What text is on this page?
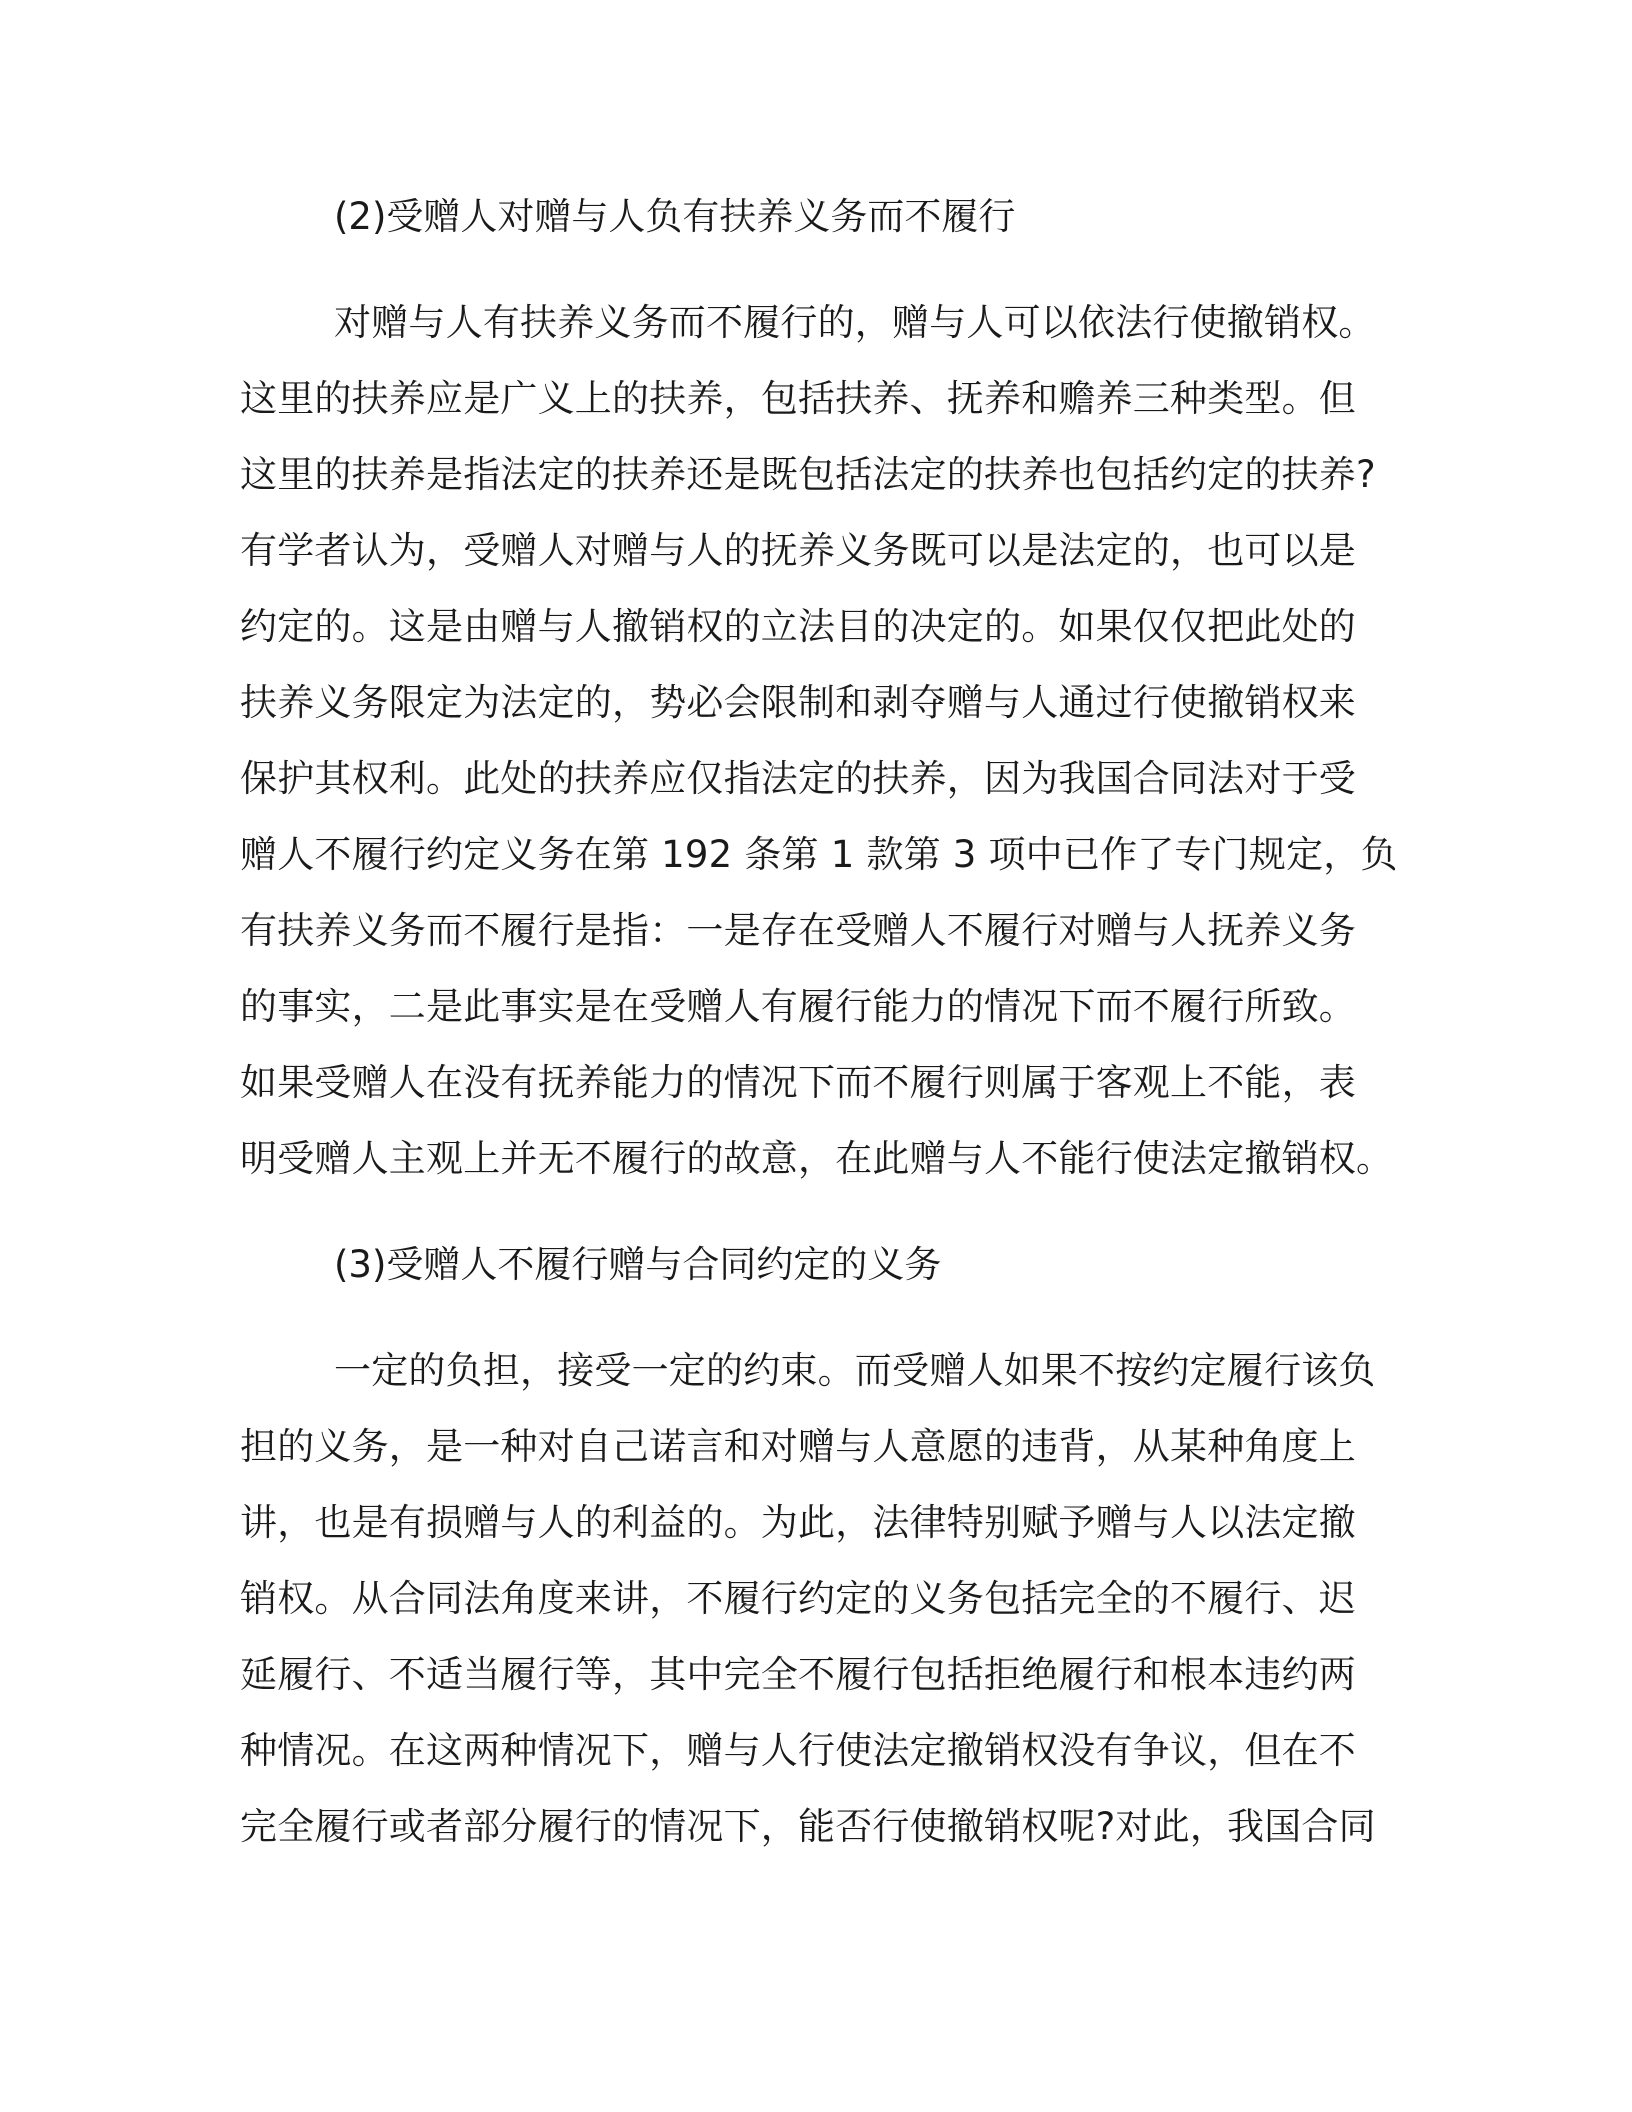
(2)受赠人对赠与人负有扶养义务而不履行
对赠与人有扶养义务而不履行的，赠与人可以依法行使撤销权。
这里的扶养应是广义上的扶养，包括扶养、抚养和赡养三种类型。但
这里的扶养是指法定的扶养还是既包括法定的扶养也包括约定的扶养?
有学者认为，受赠人对赠与人的抚养义务既可以是法定的，也可以是
约定的。这是由赠与人撤销权的立法目的决定的。如果仅仅把此处的
扶养义务限定为法定的，势必会限制和剥夺赠与人通过行使撤销权来
保护其权利。此处的扶养应仅指法定的扶养，因为我国合同法对于受
赠人不履行约定义务在第 192 条第 1 款第 3 项中已作了专门规定，负
有扶养义务而不履行是指：一是存在受赠人不履行对赠与人抚养义务
的事实，二是此事实是在受赠人有履行能力的情况下而不履行所致。
如果受赠人在没有抚养能力的情况下而不履行则属于客观上不能，表
明受赠人主观上并无不履行的故意，在此赠与人不能行使法定撤销权。
(3)受赠人不履行赠与合同约定的义务
一定的负担，接受一定的约束。而受赠人如果不按约定履行该负
担的义务，是一种对自己诺言和对赠与人意愿的违背，从某种角度上
讲，也是有损赠与人的利益的。为此，法律特别赋予赠与人以法定撤
销权。从合同法角度来讲，不履行约定的义务包括完全的不履行、迟
延履行、不适当履行等，其中完全不履行包括拒绝履行和根本违约两
种情况。在这两种情况下，赠与人行使法定撤销权没有争议，但在不
完全履行或者部分履行的情况下，能否行使撤销权呢?对此，我国合同
